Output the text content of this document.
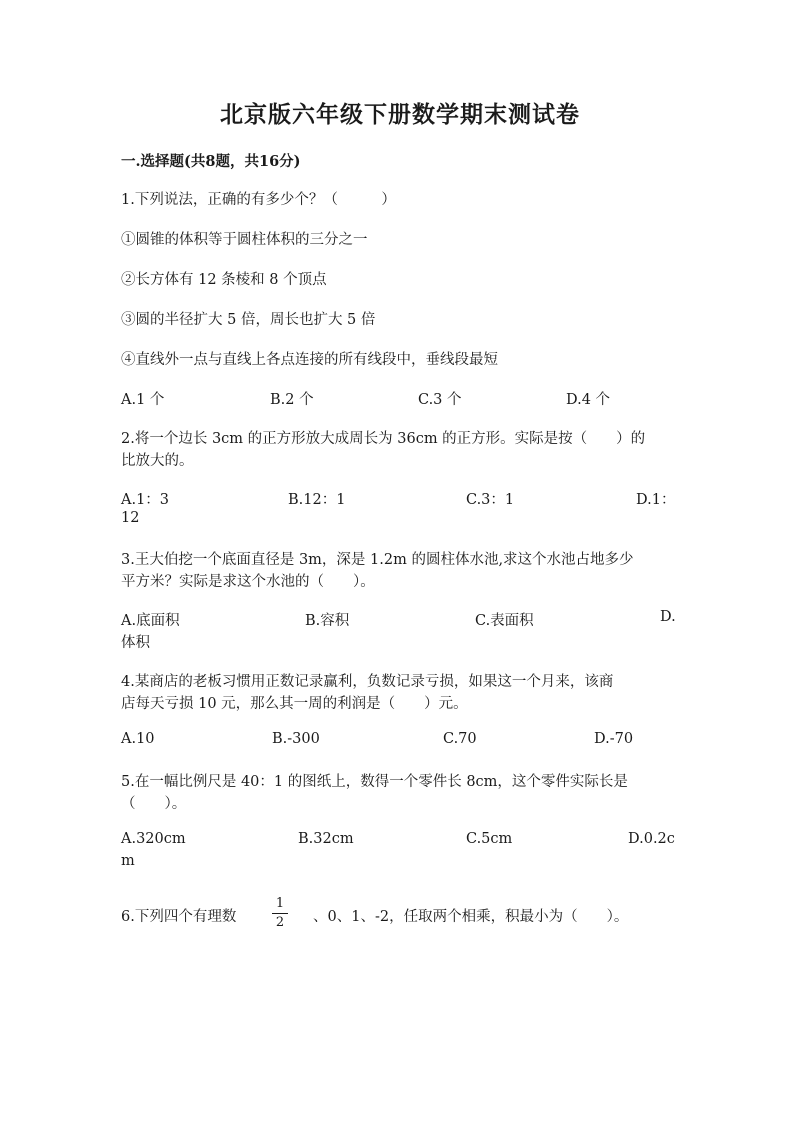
北京版六年级下册数学期末测试卷
一.选择题(共8题，共16分)
1.下列说法，正确的有多少个？（　　　）
①圆锥的体积等于圆柱体积的三分之一
②长方体有 12 条棱和 8 个顶点
③圆的半径扩大 5 倍，周长也扩大 5 倍
④直线外一点与直线上各点连接的所有线段中，垂线段最短
A.1 个	B.2 个	C.3 个	D.4 个
2.将一个边长 3cm 的正方形放大成周长为 36cm 的正方形。实际是按（　　）的
比放大的。
A.1：3	B.12：1	C.3：1	D.1：
12
3.王大伯挖一个底面直径是 3m，深是 1.2m 的圆柱体水池,求这个水池占地多少
平方米？实际是求这个水池的（　　）。
A.底面积	B.容积	C.表面积	D.
体积
4.某商店的老板习惯用正数记录赢利，负数记录亏损，如果这一个月来，该商
店每天亏损 10 元，那么其一周的利润是（　　）元。
A.10	B.-300	C.70	D.-70
5.在一幅比例尺是 40：1 的图纸上，数得一个零件长 8cm，这个零件实际长是
（　　）。
A.320cm	B.32cm	C.5cm	D.0.2c
m
6.下列四个有理数
1
2 、0、1、-2，任取两个相乘，积最小为（　　）。
